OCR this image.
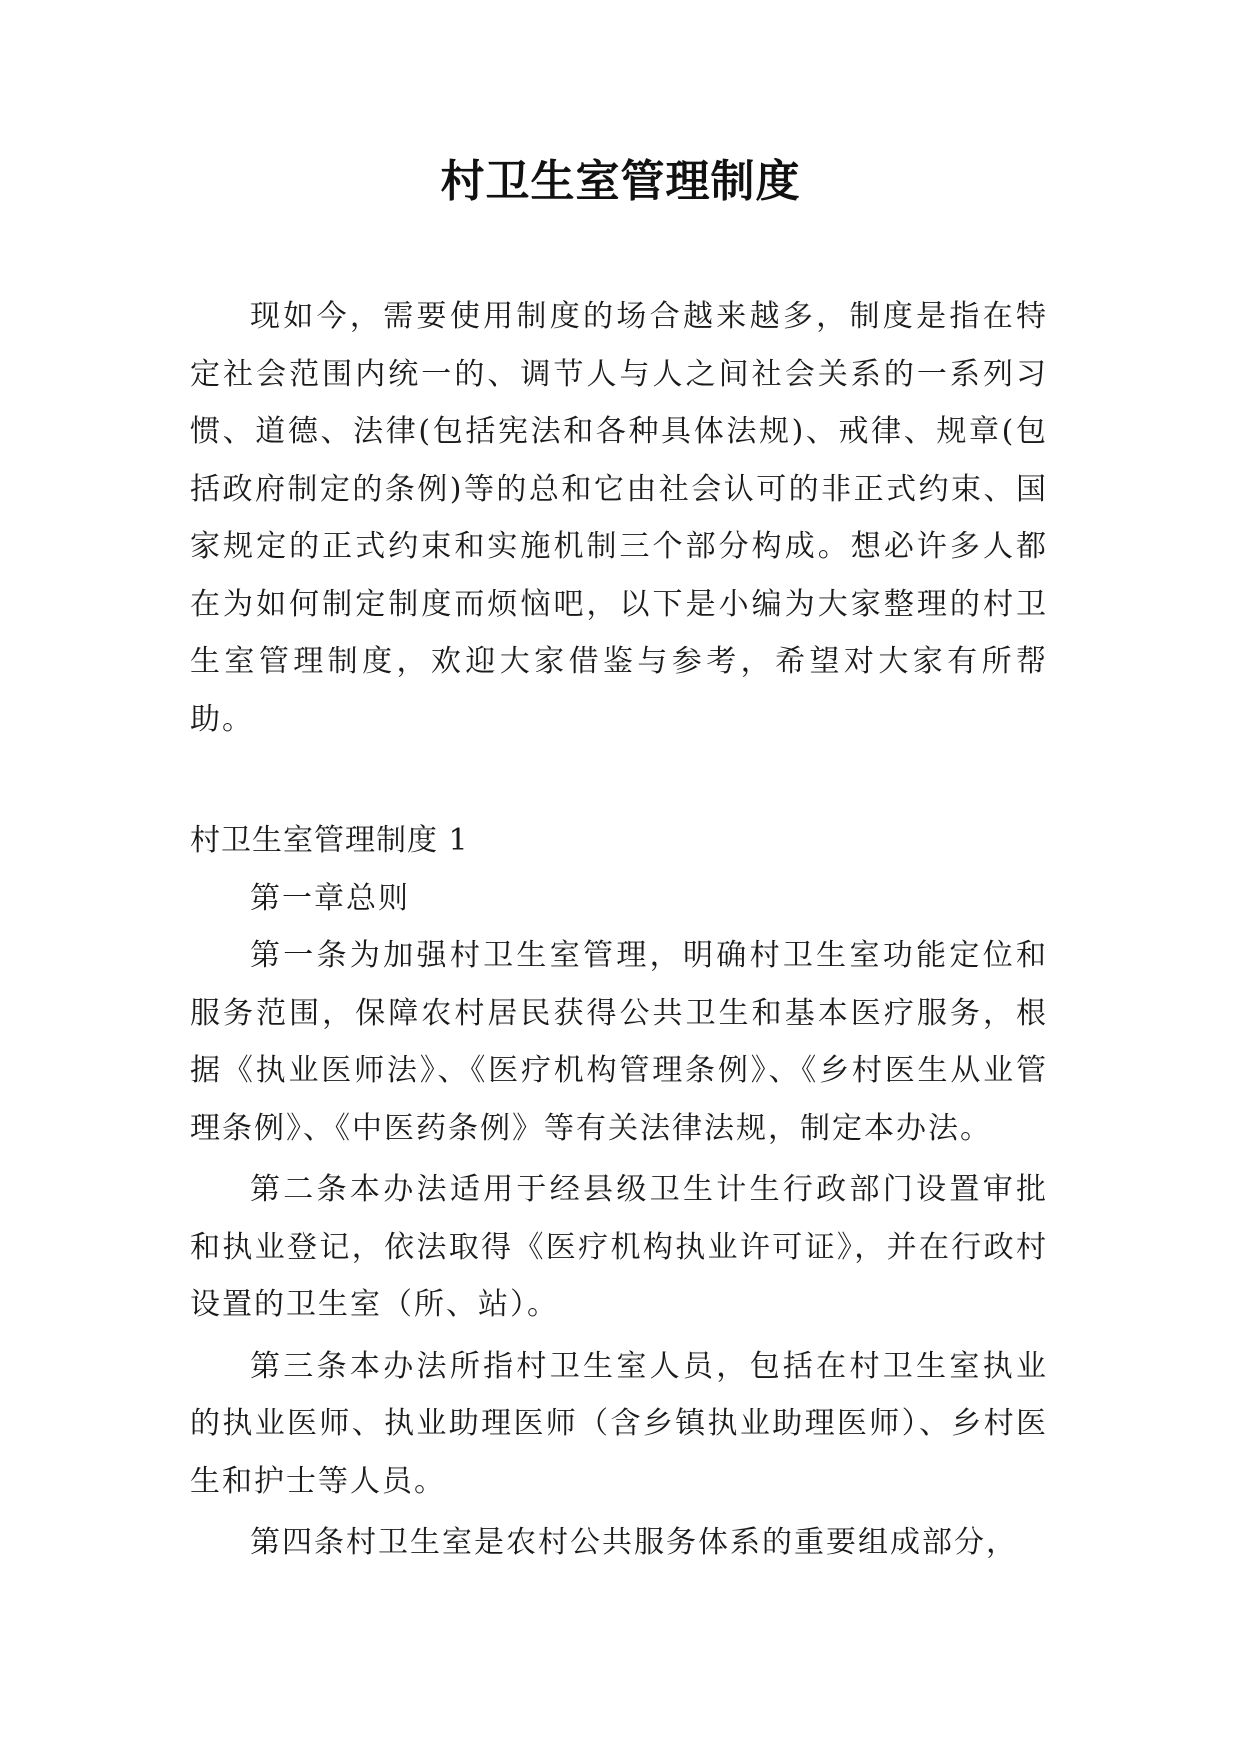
村卫生室管理制度

现如今，需要使用制度的场合越来越多，制度是指在特定社会范围内统一的、调节人与人之间社会关系的一系列习惯、道德、法律(包括宪法和各种具体法规)、戒律、规章(包括政府制定的条例)等的总和它由社会认可的非正式约束、国家规定的正式约束和实施机制三个部分构成。想必许多人都在为如何制定制度而烦恼吧，以下是小编为大家整理的村卫生室管理制度，欢迎大家借鉴与参考，希望对大家有所帮助。

村卫生室管理制度 1

第一章总则

第一条为加强村卫生室管理，明确村卫生室功能定位和服务范围，保障农村居民获得公共卫生和基本医疗服务，根据《执业医师法》、《医疗机构管理条例》、《乡村医生从业管理条例》、《中医药条例》等有关法律法规，制定本办法。

第二条本办法适用于经县级卫生计生行政部门设置审批和执业登记，依法取得《医疗机构执业许可证》，并在行政村设置的卫生室（所、站）。

第三条本办法所指村卫生室人员，包括在村卫生室执业的执业医师、执业助理医师（含乡镇执业助理医师）、乡村医生和护士等人员。

第四条村卫生室是农村公共服务体系的重要组成部分，
